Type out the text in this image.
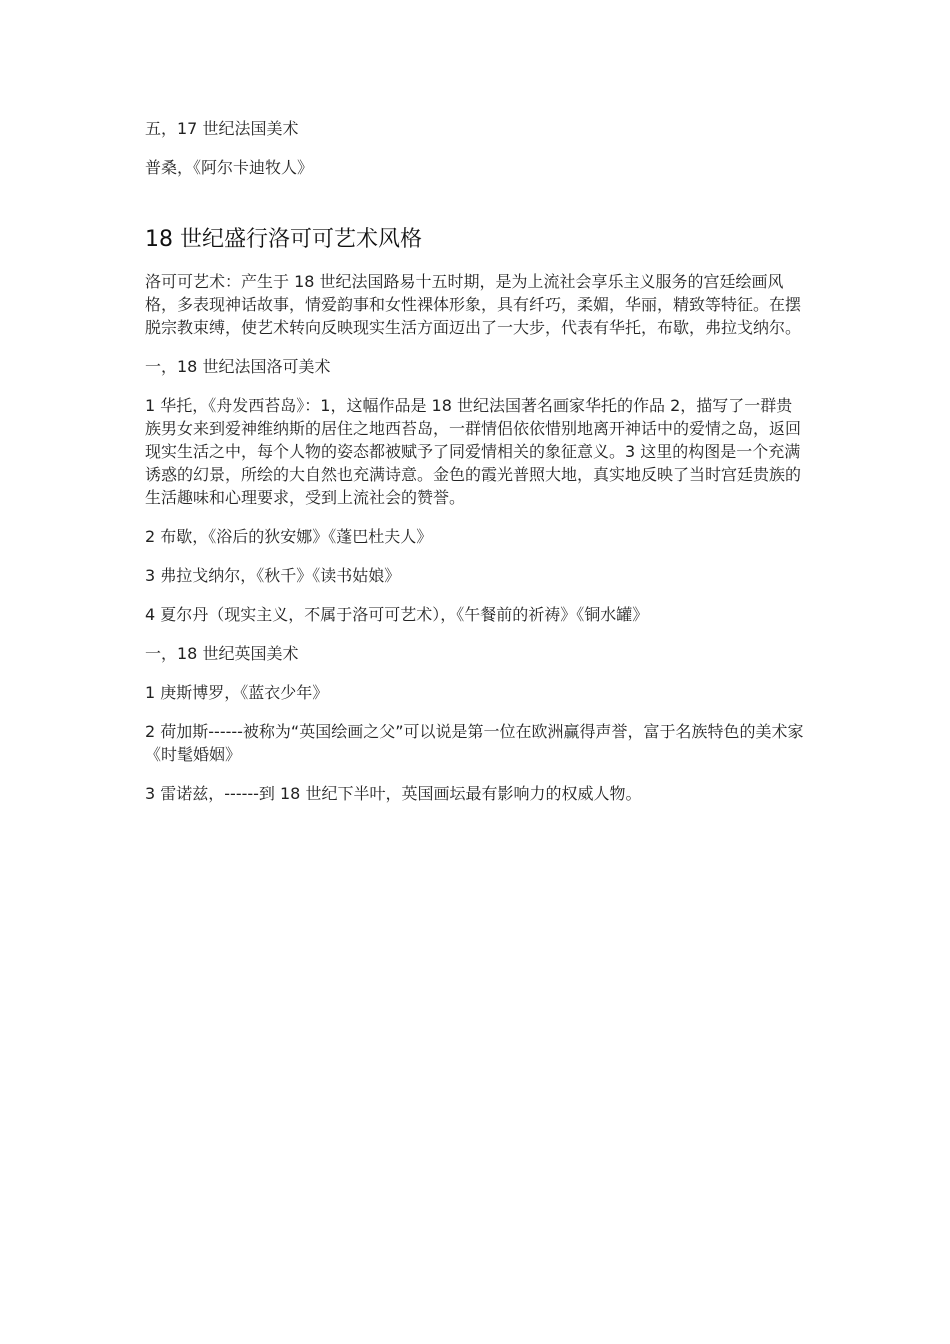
五，17 世纪法国美术

普桑，《阿尔卡迪牧人》

18 世纪盛行洛可可艺术风格

洛可可艺术：产生于 18 世纪法国路易十五时期，是为上流社会享乐主义服务的宫廷绘画风格，多表现神话故事，情爱韵事和女性裸体形象，具有纤巧，柔媚，华丽，精致等特征。在摆脱宗教束缚，使艺术转向反映现实生活方面迈出了一大步，代表有华托，布歇，弗拉戈纳尔。

一，18 世纪法国洛可美术

1 华托，《舟发西苔岛》：1，这幅作品是 18 世纪法国著名画家华托的作品 2，描写了一群贵族男女来到爱神维纳斯的居住之地西苔岛，一群情侣依依惜别地离开神话中的爱情之岛，返回现实生活之中，每个人物的姿态都被赋予了同爱情相关的象征意义。3 这里的构图是一个充满诱惑的幻景，所绘的大自然也充满诗意。金色的霞光普照大地，真实地反映了当时宫廷贵族的生活趣味和心理要求，受到上流社会的赞誉。

2 布歇，《浴后的狄安娜》《蓬巴杜夫人》

3 弗拉戈纳尔，《秋千》《读书姑娘》

4 夏尔丹（现实主义，不属于洛可可艺术），《午餐前的祈祷》《铜水罐》

一，18 世纪英国美术

1 庚斯博罗，《蓝衣少年》

2 荷加斯------被称为“英国绘画之父”可以说是第一位在欧洲赢得声誉，富于名族特色的美术家《时髦婚姻》

3 雷诺兹，------到 18 世纪下半叶，英国画坛最有影响力的权威人物。
